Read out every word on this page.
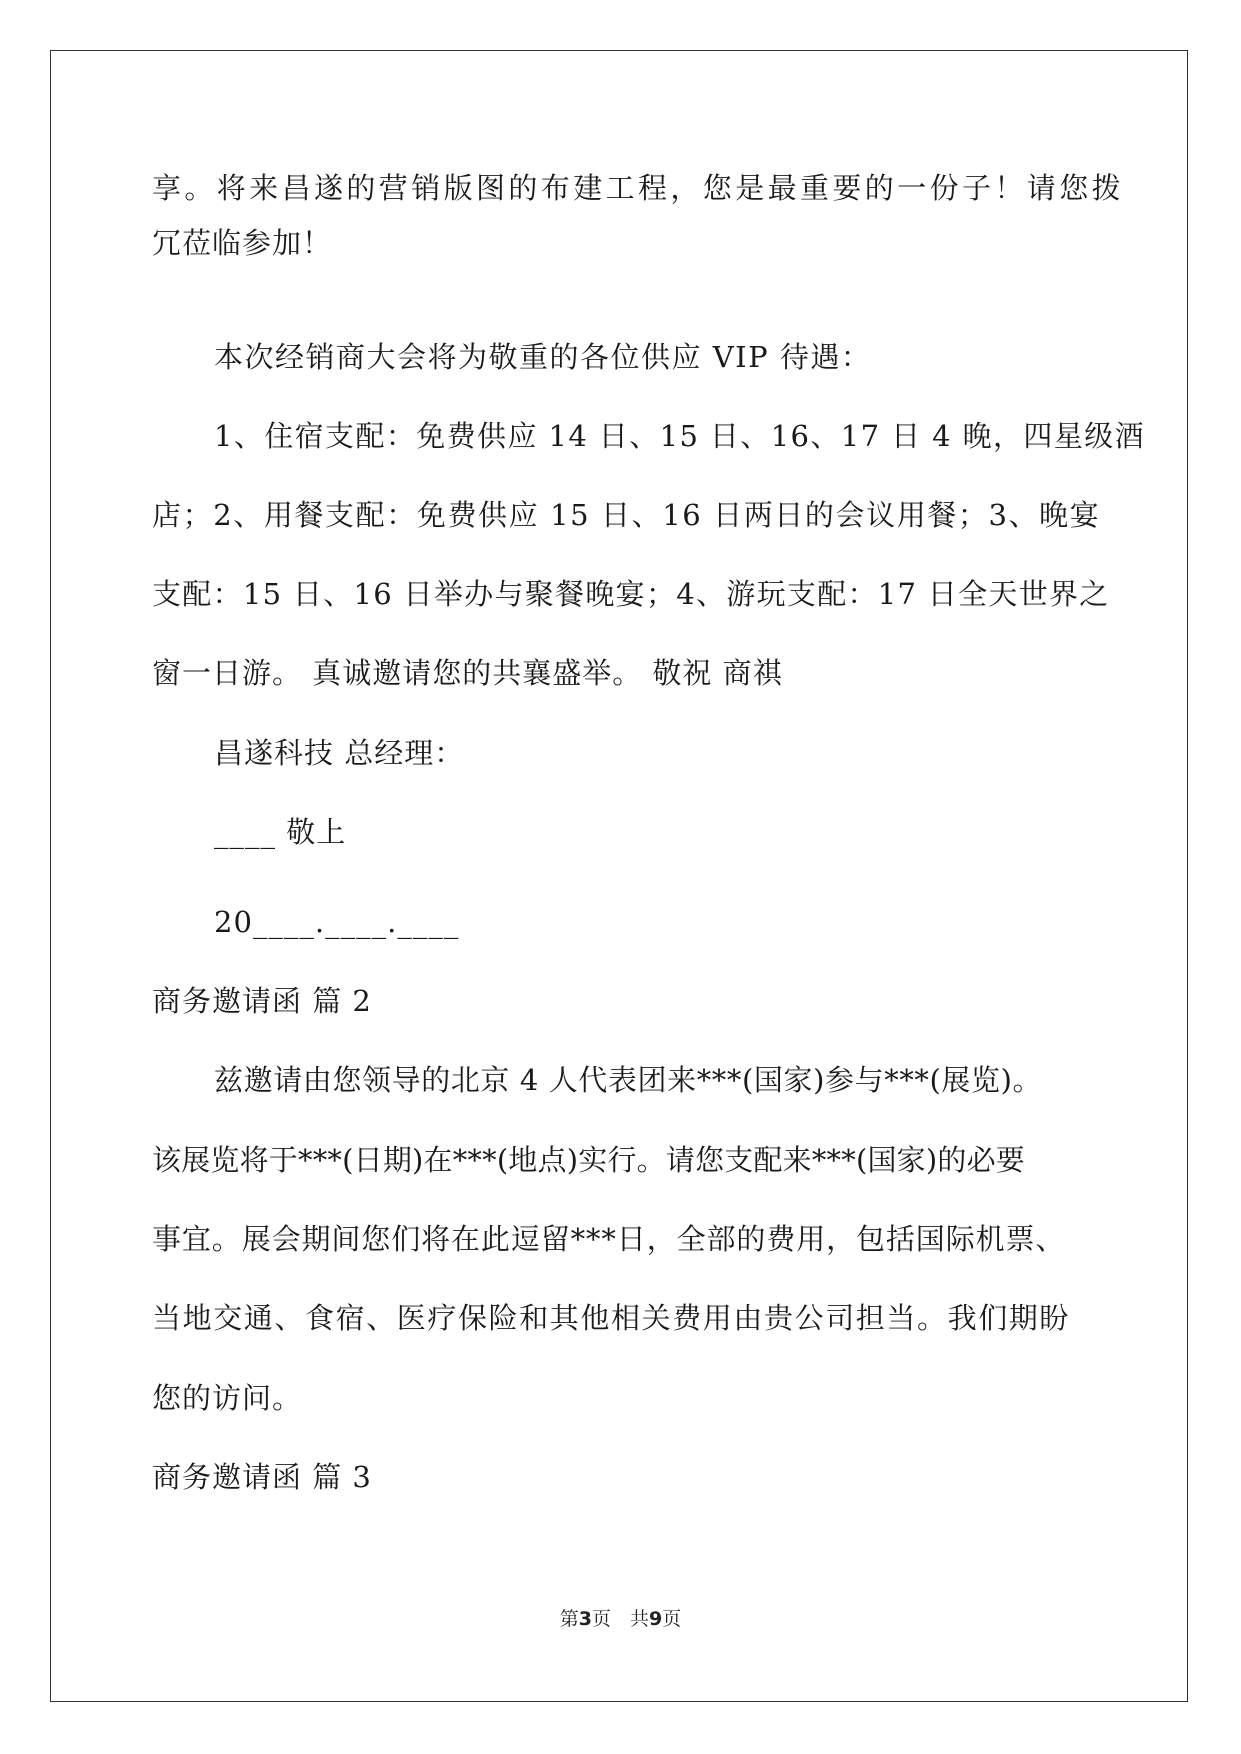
享。将来昌遂的营销版图的布建工程，您是最重要的一份子！请您拨
冗莅临参加！
本次经销商大会将为敬重的各位供应 VIP 待遇：
1、住宿支配：免费供应 14 日、15 日、16、17 日 4 晚，四星级酒
店；2、用餐支配：免费供应 15 日、16 日两日的会议用餐；3、晚宴
支配：15 日、16 日举办与聚餐晚宴；4、游玩支配：17 日全天世界之
窗一日游。 真诚邀请您的共襄盛举。 敬祝 商祺
昌遂科技 总经理：
____ 敬上
20____.____.____
商务邀请函 篇 2
兹邀请由您领导的北京 4 人代表团来***(国家)参与***(展览)。
该展览将于***(日期)在***(地点)实行。请您支配来***(国家)的必要
事宜。展会期间您们将在此逗留***日，全部的费用，包括国际机票、
当地交通、食宿、医疗保险和其他相关费用由贵公司担当。我们期盼
您的访问。
商务邀请函 篇 3
第3页　共9页
